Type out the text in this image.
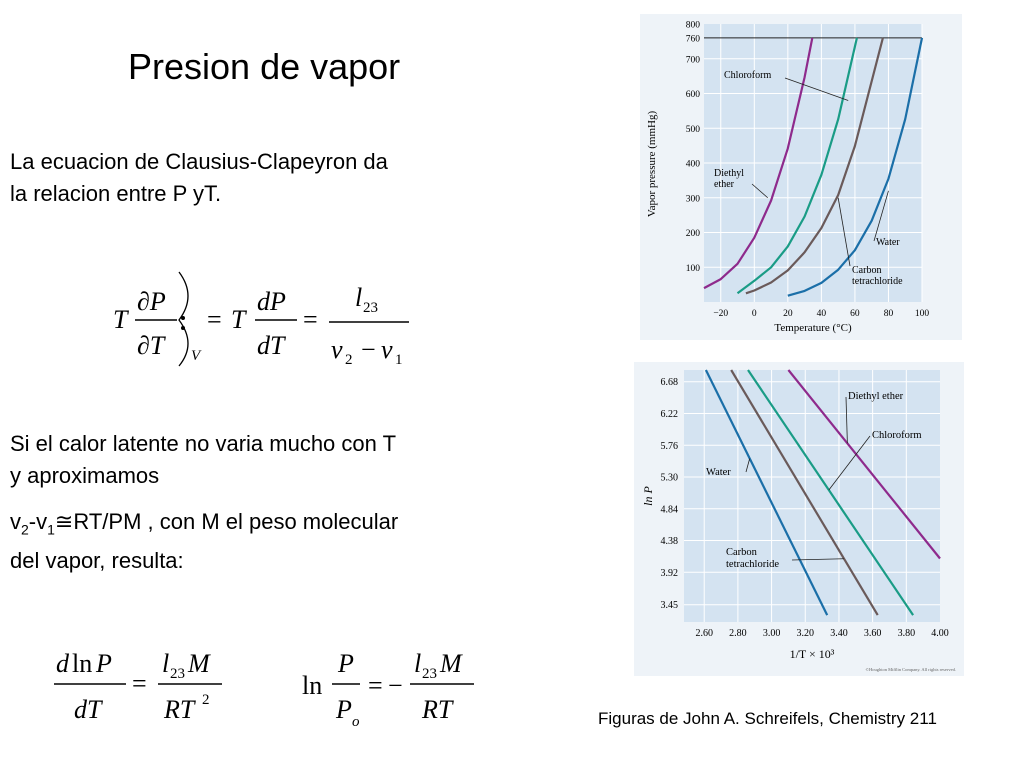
Presion de vapor
La ecuacion de Clausius-Clapeyron da
la relacion entre P yT.
Si el calor latente no varia mucho con T
y aproximamos
$v_2-v_1≅RT/PM$ , con M el peso molecular
del vapor, resulta:
T
∂P
∂T V
= T
dP
dT
=
l 23
v 2 − v 1
d ln P
dT
=
l 23 M
RT 2	ln
P
P o
= −
l 23 M
RT
−20 0	20	40	60	80 100
100
200
300
400
500
600
700
760
800
Diethyl
ether
Chloroform
Carbon
tetrachloride
Water
Temperature (°C)
Vapor pressure (mmHg)
2.60 2.80 3.00 3.20 3.40 3.60 3.80 4.00
3.45
3.92
4.38
4.84
5.30
5.76
6.22
6.68
Diethyl ether
Chloroform
Carbon
tetrachloride
Water
1/T × 10³
ln P
©Houghton Mifflin Company. All rights reserved.
Figuras de John A. Schreifels, Chemistry 211
